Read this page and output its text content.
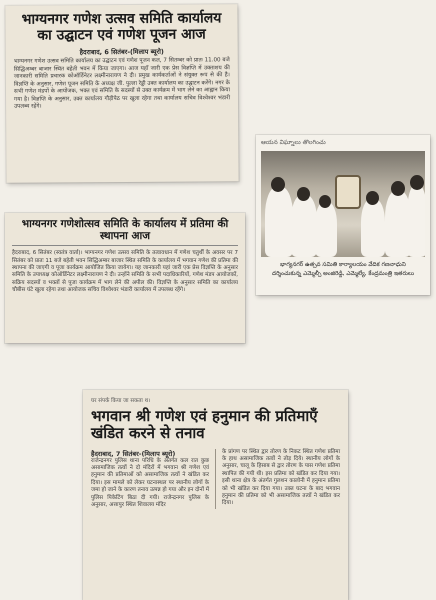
भाग्यनगर गणेश उत्सव समिति कार्यालय का उद्घाटन एवं गणेश पूजन आज
हैदराबाद, 6 सितंबर-(मिलाप ब्यूरो)
भाग्यनगर गणेश उत्सव समिति कार्यालय का उद्घाटन एवं गणेश पूजन कल, 7 सितम्बर को प्रातः 11.00 बजे सिद्धिअम्बर बाजार स्थित बहेती भवन में किया जाएगा। आज यहाँ जारी एक प्रेस विज्ञप्ति में उक्ताशय की जानकारी समिति प्रचारक कोऑर्डिनेटर लक्ष्मीनारायण ने दी। प्रमुख कार्यकर्ताओं ने संयुक्त रूप से की है। विज्ञप्ति के अनुसार, गणेश पूजन समिति के अध्यक्ष जी. पुल्ला रेड्डी उक्त कार्यालय का उद्घाटन करेंगे। नगर के सभी गणेश मंडपों के आयोजक, भक्त एवं समिति के सदस्यों से उक्त कार्यक्रम में भाग लेने का आह्वान किया गया है। विज्ञप्ति के अनुसार, उक्त कार्यालय गौड़ीपेठ पर खुला रहेगा तथा कार्यालय सचिव विश्वेश्वर भंडारी उपलब्ध रहेंगे।
भाग्यनगर गणेशोत्सव समिति के कार्यालय में प्रतिमा की स्थापना आज
हैदराबाद, 6 सितंबर (स्वतंत्र वार्ता)। भाग्यनगर गणेश उत्सव समिति के तत्वावधान में गणेश चतुर्थी के अवसर पर 7 सितंबर को प्रातः 11 बजे बहेती भवन सिद्धिअम्बर बाजार स्थित समिति के कार्यालय में भगवान गणेश की प्रतिमा की स्थापना की जाएगी व पूजा कार्यक्रम आयोजित किया जायेगा। यह जानकारी यहां जारी एक प्रेस विज्ञप्ति के अनुसार समिति के उपाध्यक्ष कोऑर्डिनेटर लक्ष्मीनारायण ने दी। उन्होंने समिति के सभी पदाधिकारियों, गणेश मंडप आयोजकों, सक्रिय सदस्यों व भक्तों से पूजा कार्यक्रम में भाग लेने की अपील की। विज्ञप्ति के अनुसार समिति का कार्यालय चौबीस घंटे खुला रहेगा तथा आयोजक सचिव विश्वेश्वर भंडारी कार्यालय में उपलब्ध रहेंगे।
ఆయన విఘ్నాలు తొలగించు
భాగ్యనగర్ ఉత్సవ సమితి కార్యాలయం వేదిక గణనాధుని
దర్శించుకున్న ఎమ్మెల్సీ అంజిరెడ్డి, ఎమ్మెల్యే, కేంద్రమంత్రి ఇతరులు
घर संपर्क किया जा सकता थ।
भगवान श्री गणेश एवं हनुमान की प्रतिमाएँ खंडित करने से तनाव
हैदराबाद, 7 सितंबर-(मिलाप ब्यूरो)
राजेन्द्रनगर पुलिस थाना परिधि के अंतर्गत कल रात कुछ असामाजिक तत्वों ने दो मंदिरों में भगवान श्री गणेश एवं हनुमान की प्रतिमाओं को असामाजिक तत्वों ने खंडित कर दिया। इस मामले को लेकर घटनास्थल पर स्थानीय लोगों के जमा हो जाने के कारण तनाव उत्पन्न हो गया और इन दोनों में पुलिस पिकेटिंग बिठा दी गयी। राजेन्द्रनगर पुलिस के अनुसार, अत्तापुर स्थित शिवालय मंदिर
के प्रांगण पर स्थित द्वार तोरण के निकट स्थित गणेश प्रतिमा के हाथ असामाजिक तत्वों ने तोड़ दिये। स्थानीय लोगों के अनुसार, चालू के हिसाब से द्वार तोरण के पास गणेश प्रतिमा स्थापित की गयी थी। इस प्रतिमा को खंडित कर दिया गया। इसी थाना क्षेत्र के अंतर्गत गुलशन कालोनी में हनुमान प्रतिमा को भी खंडित कर दिया गया। उक्त घटना के बाद भगवान हनुमान की प्रतिमा को भी असामाजिक तत्वों ने खंडित कर दिया।
